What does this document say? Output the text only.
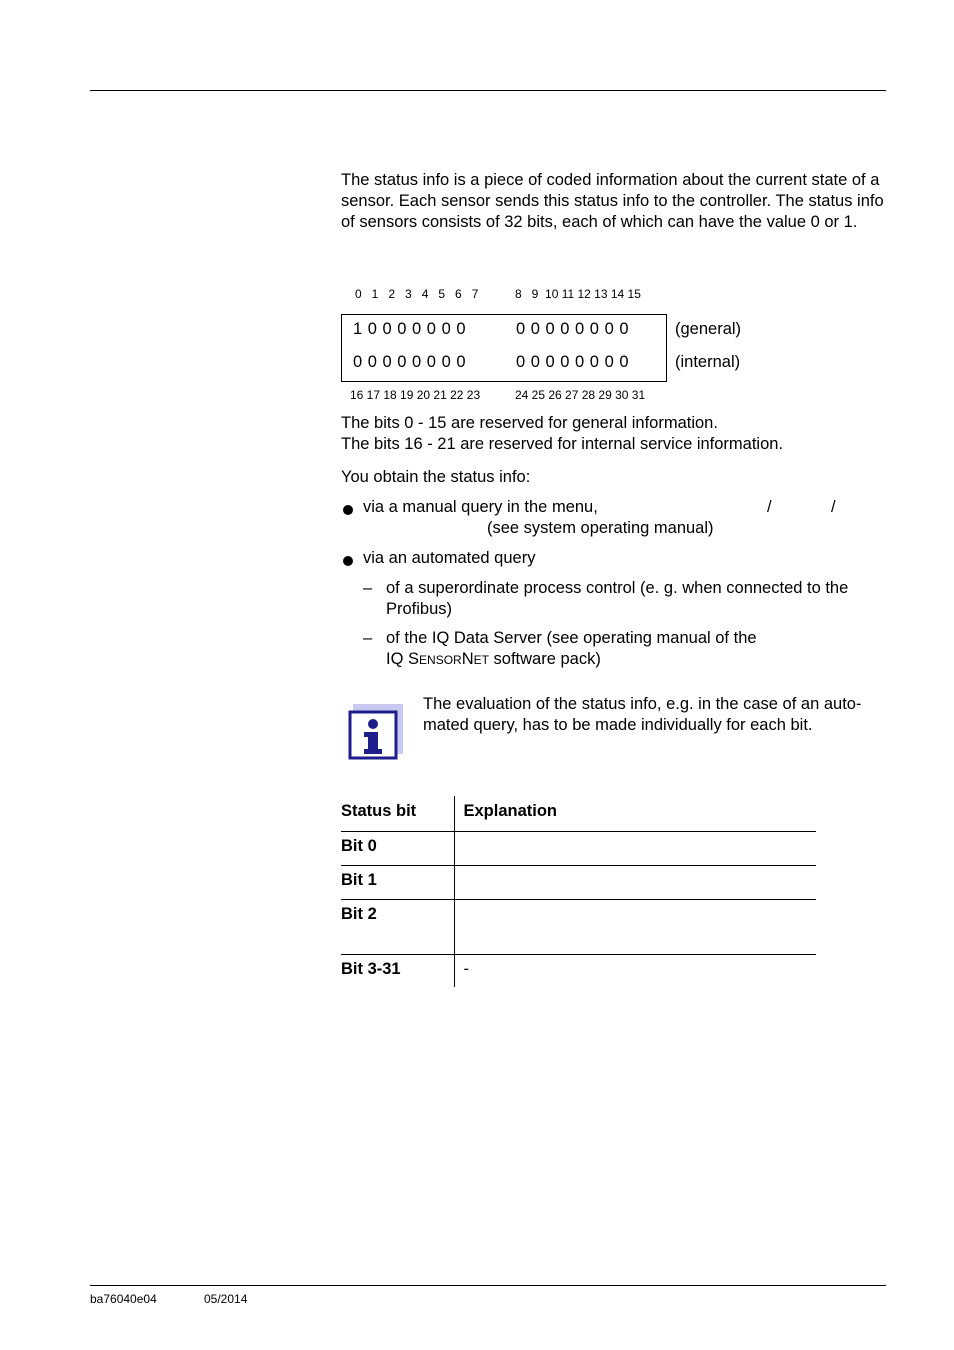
The status info is a piece of coded information about the current state of a sensor. Each sensor sends this status info to the controller. The status info of sensors consists of 32 bits, each of which can have the value 0 or 1.
0   1   2   3   4   5   6   7	8   9  10 11 12 13 14 15
1 0 0 0 0 0 0 0	0 0 0 0 0 0 0 0
0 0 0 0 0 0 0 0	0 0 0 0 0 0 0 0
(general)
(internal)
16 17 18 19 20 21 22 23	24 25 26 27 28 29 30 31
The bits 0 - 15 are reserved for general information.
The bits 16 - 21 are reserved for internal service information.
You obtain the status info:
via a manual query in the menu,	/	/
(see system operating manual)
via an automated query
– of a superordinate process control (e. g. when connected to the Profibus)
– of the IQ Data Server (see operating manual of the
IQ SensorNet software pack)
The evaluation of the status info, e.g. in the case of an auto-mated query, has to be made individually for each bit.
Status bit	Explanation
Bit 0	
Bit 1	
Bit 2	
Bit 3-31	-
ba76040e04	05/2014
